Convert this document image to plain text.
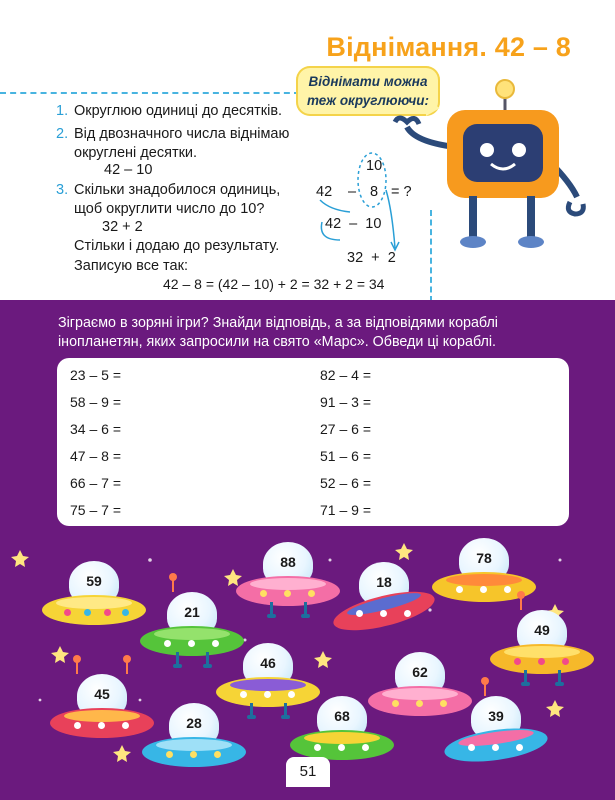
Віднімання. 42 – 8
Віднімати можна
теж округлюючи:
1. Округлюю одиниці до десятків.
2. Від двозначного числа віднімаю
округлені десятки.
42 – 10
3. Скільки знадобилося одиниць,
щоб округлити число до 10?
32 + 2
Стільки і додаю до результату.
Записую все так:
42 – 8 = (42 – 10) + 2 = 32 + 2 = 34
10
42 – 8 = ?
42  –  10
32  +  2
Зіграємо в зоряні ігри? Знайди відповідь, а за відповідями кораблі
інопланетян, яких запросили на свято «Марс». Обведи ці кораблі.
23 – 5 =
58 – 9 =
34 – 6 =
47 – 8 =
66 – 7 =
75 – 7 =
82 – 4 =
91 – 3 =
27 – 6 =
51 – 6 =
52 – 6 =
71 – 9 =
59
21
88
18
78
49
46
62
45
28	68	39
51
